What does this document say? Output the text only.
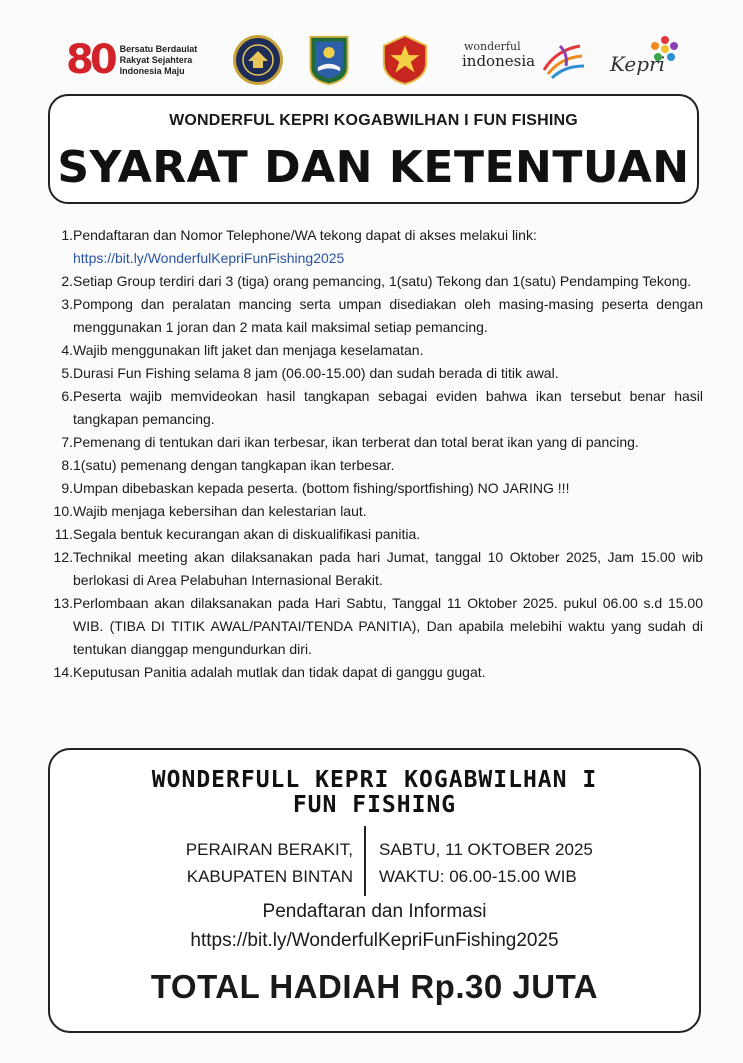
80 Bersatu Berdaulat
Rakyat Sejahtera
Indonesia Maju
wonderful
indonesia	Kepri
WONDERFUL KEPRI KOGABWILHAN I FUN FISHING
SYARAT DAN KETENTUAN
1. Pendaftaran dan Nomor Telephone/WA tekong dapat di akses melakui link:
https://bit.ly/WonderfulKepriFunFishing2025
2. Setiap Group terdiri dari 3 (tiga) orang pemancing, 1(satu) Tekong dan 1(satu) Pendamping Tekong.
3. Pompong dan peralatan mancing serta umpan disediakan oleh masing-masing peserta dengan menggunakan 1 joran dan 2 mata kail maksimal setiap pemancing.
4. Wajib menggunakan lift jaket dan menjaga keselamatan.
5. Durasi Fun Fishing selama 8 jam (06.00-15.00) dan sudah berada di titik awal.
6. Peserta wajib memvideokan hasil tangkapan sebagai eviden bahwa ikan tersebut benar hasil tangkapan pemancing.
7. Pemenang di tentukan dari ikan terbesar, ikan terberat dan total berat ikan yang di pancing.
8. 1(satu) pemenang dengan tangkapan ikan terbesar.
9. Umpan dibebaskan kepada peserta. (bottom fishing/sportfishing) NO JARING !!!
10. Wajib menjaga kebersihan dan kelestarian laut.
11. Segala bentuk kecurangan akan di diskualifikasi panitia.
12. Technikal meeting akan dilaksanakan pada hari Jumat, tanggal 10 Oktober 2025, Jam 15.00 wib berlokasi di Area Pelabuhan Internasional Berakit.
13. Perlombaan akan dilaksanakan pada Hari Sabtu, Tanggal 11 Oktober 2025. pukul 06.00 s.d 15.00 WIB. (TIBA DI TITIK AWAL/PANTAI/TENDA PANITIA), Dan apabila melebihi waktu yang sudah di tentukan dianggap mengundurkan diri.
14. Keputusan Panitia adalah mutlak dan tidak dapat di ganggu gugat.
WONDERFULL KEPRI KOGABWILHAN I
FUN FISHING
PERAIRAN BERAKIT,
KABUPATEN BINTAN
SABTU, 11 OKTOBER 2025
WAKTU: 06.00-15.00 WIB
Pendaftaran dan Informasi
https://bit.ly/WonderfulKepriFunFishing2025
TOTAL HADIAH Rp.30 JUTA
